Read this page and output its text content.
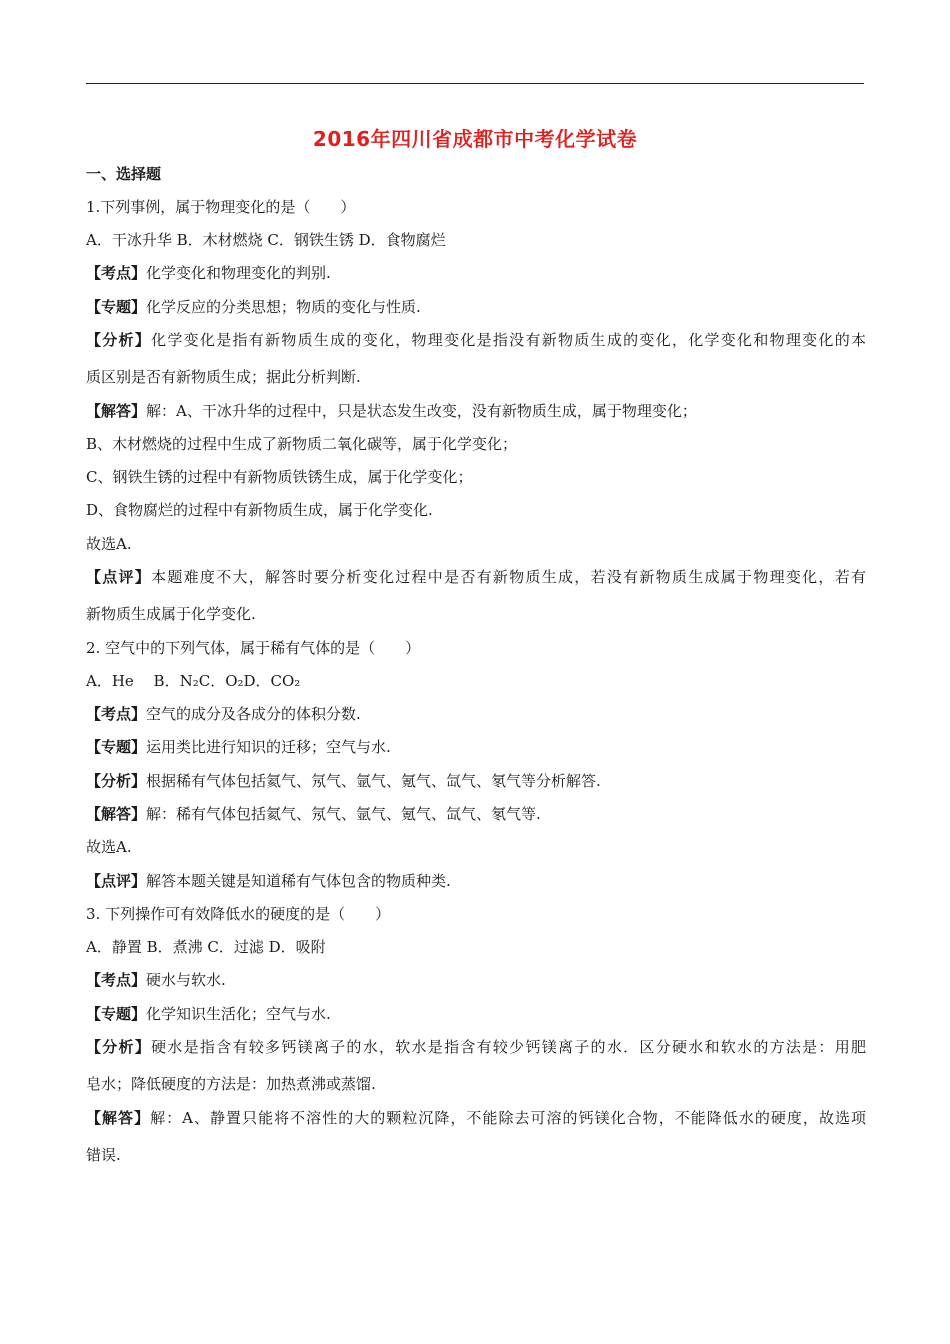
2016年四川省成都市中考化学试卷
一、选择题
1.下列事例，属于物理变化的是（　　）
A．干冰升华 B．木材燃烧 C．钢铁生锈 D．食物腐烂
【考点】化学变化和物理变化的判别.
【专题】化学反应的分类思想；物质的变化与性质.
【分析】化学变化是指有新物质生成的变化，物理变化是指没有新物质生成的变化，化学变化和物理变化的本
质区别是否有新物质生成；据此分析判断.
【解答】解：A、干冰升华的过程中，只是状态发生改变，没有新物质生成，属于物理变化；
B、木材燃烧的过程中生成了新物质二氧化碳等，属于化学变化；
C、钢铁生锈的过程中有新物质铁锈生成，属于化学变化；
D、食物腐烂的过程中有新物质生成，属于化学变化.
故选A.
【点评】本题难度不大，解答时要分析变化过程中是否有新物质生成，若没有新物质生成属于物理变化，若有
新物质生成属于化学变化.
2. 空气中的下列气体，属于稀有气体的是（　　）
A．He　 B．N₂C．O₂D．CO₂
【考点】空气的成分及各成分的体积分数.
【专题】运用类比进行知识的迁移；空气与水.
【分析】根据稀有气体包括氦气、氖气、氩气、氪气、氙气、氡气等分析解答.
【解答】解：稀有气体包括氦气、氖气、氩气、氪气、氙气、氡气等.
故选A.
【点评】解答本题关键是知道稀有气体包含的物质种类.
3. 下列操作可有效降低水的硬度的是（　　）
A．静置 B．煮沸 C．过滤 D．吸附
【考点】硬水与软水.
【专题】化学知识生活化；空气与水.
【分析】硬水是指含有较多钙镁离子的水，软水是指含有较少钙镁离子的水．区分硬水和软水的方法是：用肥
皂水；降低硬度的方法是：加热煮沸或蒸馏.
【解答】解：A、静置只能将不溶性的大的颗粒沉降，不能除去可溶的钙镁化合物，不能降低水的硬度，故选项
错误.
